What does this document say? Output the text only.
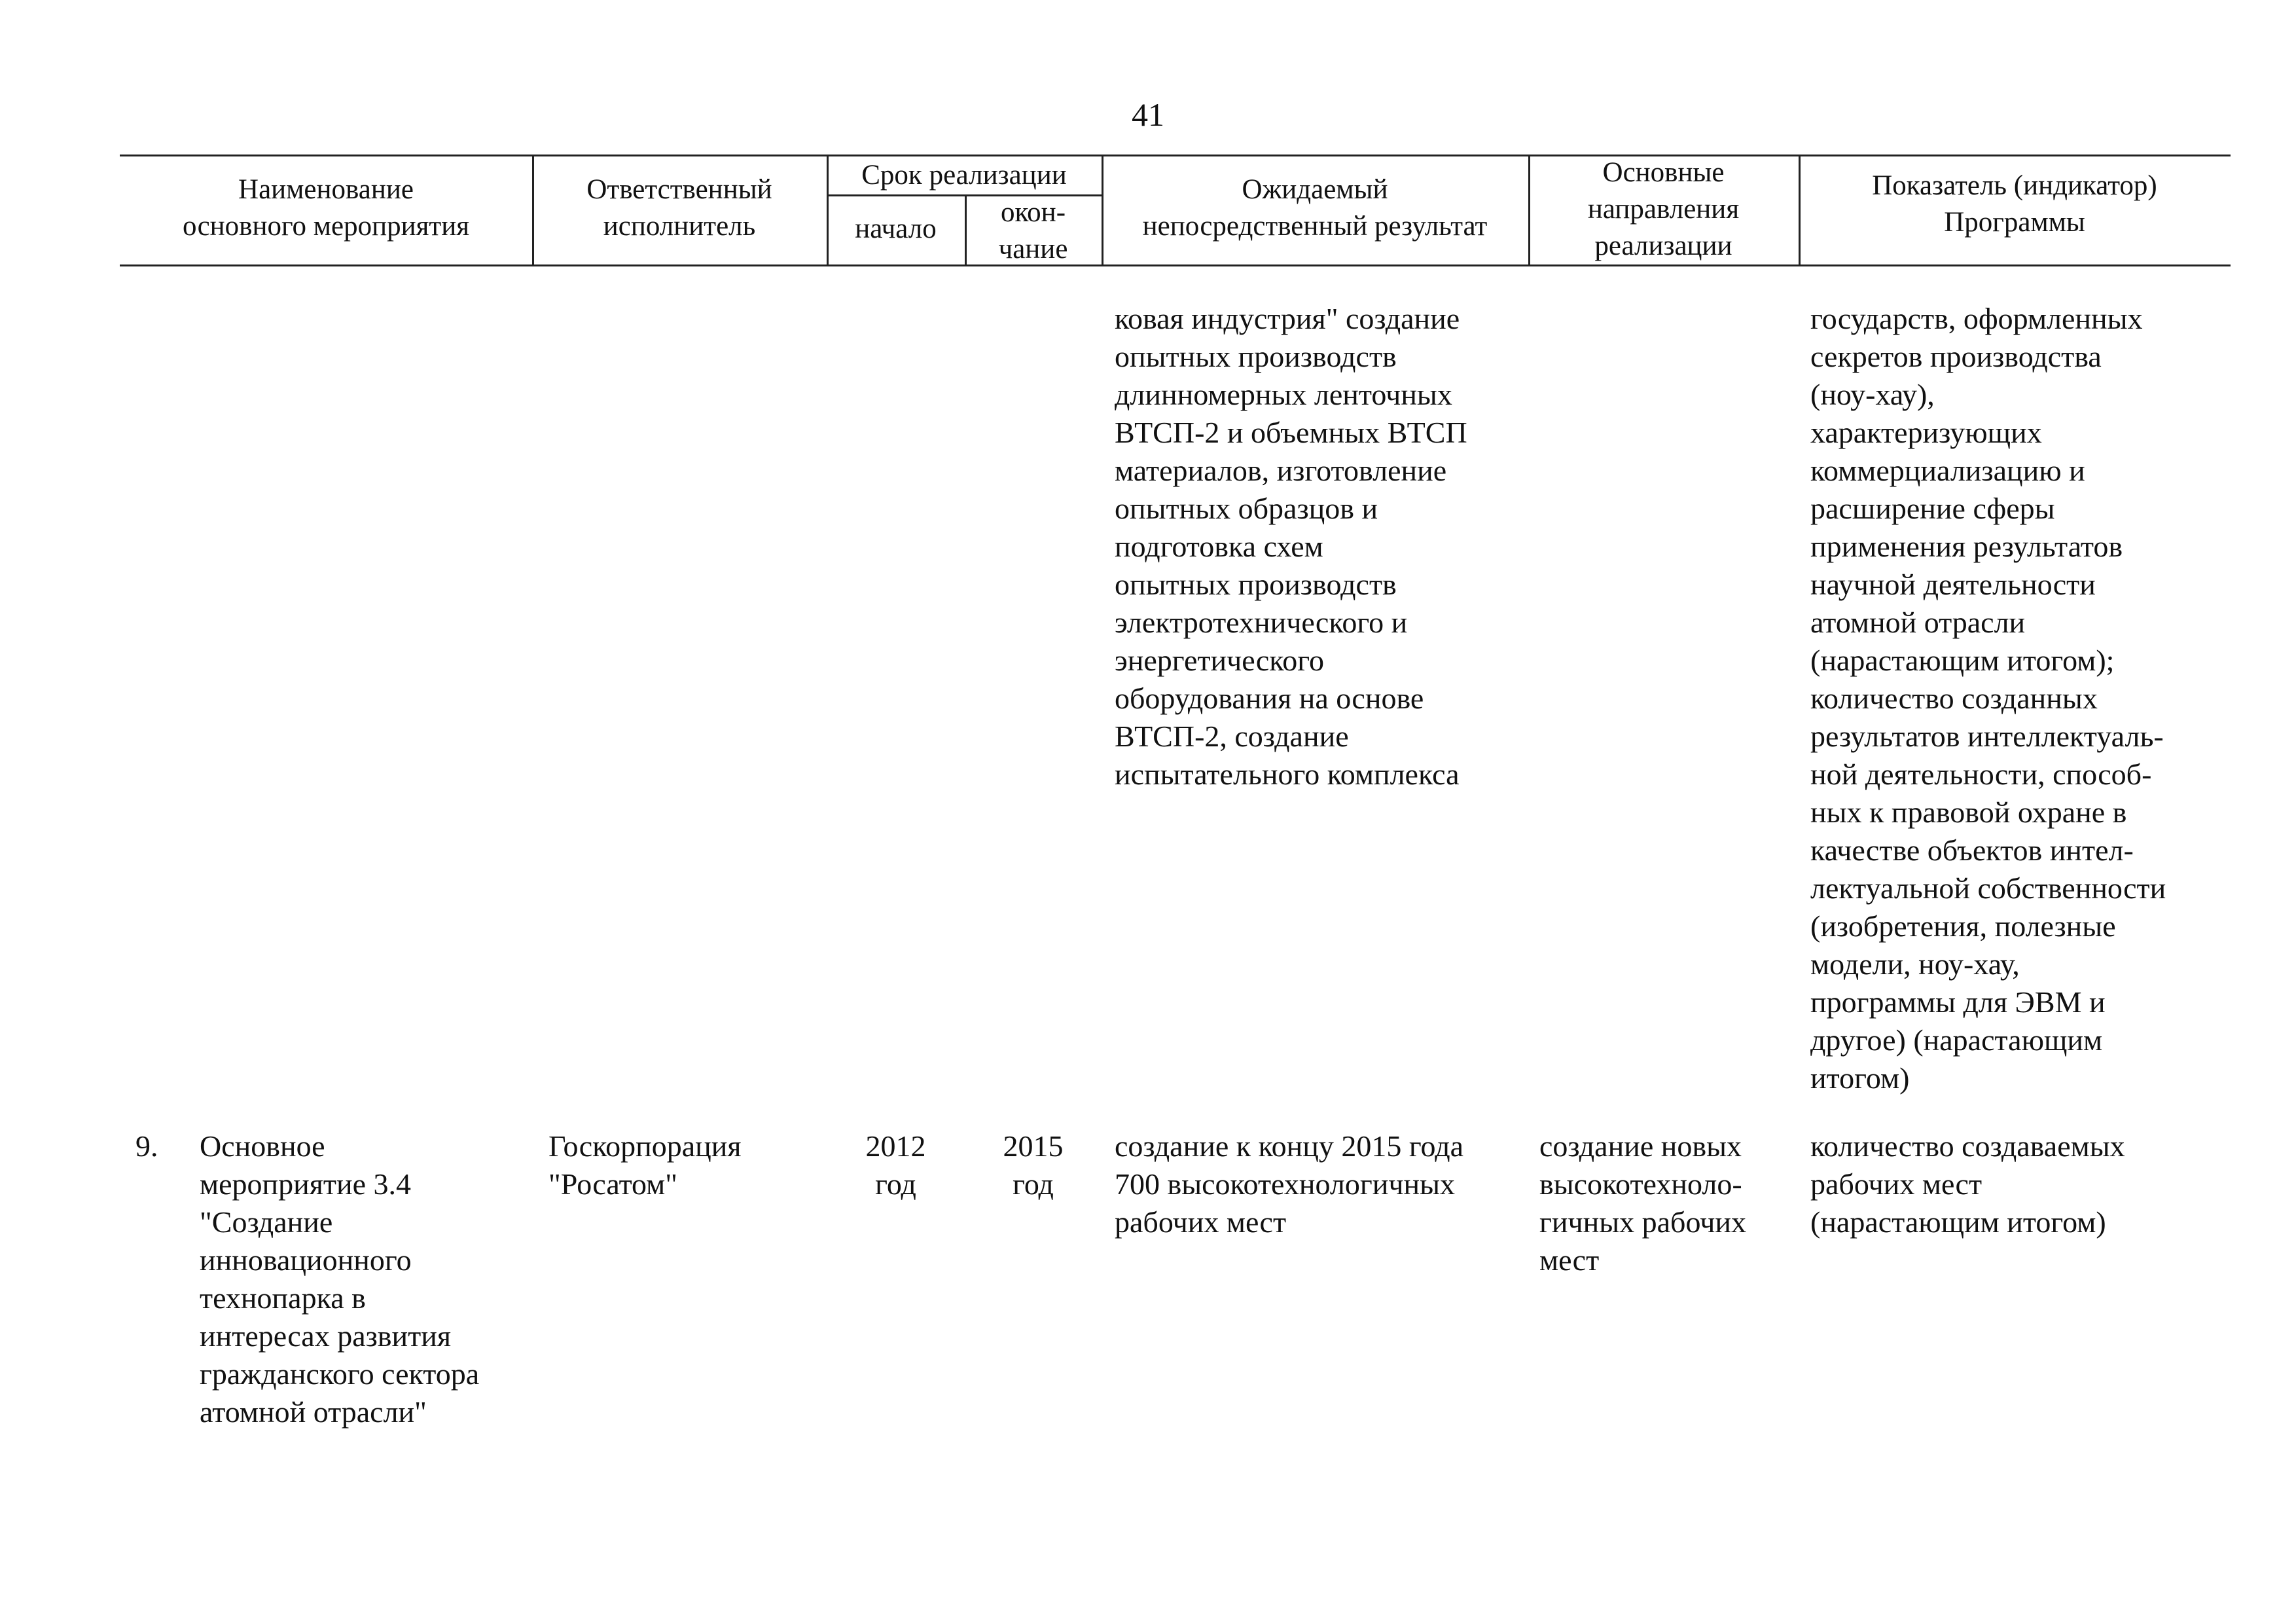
41
Наименование
основного мероприятия
Ответственный
исполнитель
Срок реализации
начало
окон-
чание
Ожидаемый
непосредственный результат
Основные
направления
реализации
Показатель (индикатор)
Программы
ковая индустрия" создание
опытных производств
длинномерных ленточных
ВТСП-2 и объемных ВТСП
материалов, изготовление
опытных образцов и
подготовка схем
опытных производств
электротехнического и
энергетического
оборудования на основе
ВТСП-2, создание
испытательного комплекса
государств, оформленных
секретов производства
(ноу-хау),
характеризующих
коммерциализацию и
расширение сферы
применения результатов
научной деятельности
атомной отрасли
(нарастающим итогом);
количество созданных
результатов интеллектуаль-
ной деятельности, способ-
ных к правовой охране в
качестве объектов интел-
лектуальной собственности
(изобретения, полезные
модели, ноу-хау,
программы для ЭВМ и
другое) (нарастающим
итогом)
9. Основное
мероприятие 3.4
"Создание
инновационного
технопарка в
интересах развития
гражданского сектора
атомной отрасли"
Госкорпорация
"Росатом"
2012
год
2015
год
создание к концу 2015 года
700 высокотехнологичных
рабочих мест
создание новых
высокотехноло-
гичных рабочих
мест
количество создаваемых
рабочих мест
(нарастающим итогом)
